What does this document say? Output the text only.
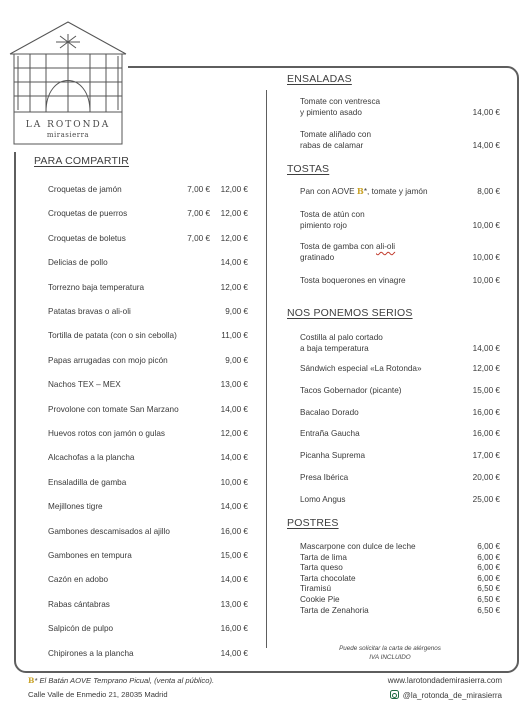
LA ROTONDA
mirasierra
PARA COMPARTIR
Croquetas de jamón	7,00 € 12,00 €
Croquetas de puerros	7,00 € 12,00 €
Croquetas de boletus	7,00 € 12,00 €
Delicias de pollo	14,00 €
Torrezno baja temperatura	12,00 €
Patatas bravas o ali-oli	9,00 €
Tortilla de patata (con o sin cebolla)	11,00 €
Papas arrugadas con mojo picón	9,00 €
Nachos TEX – MEX	13,00 €
Provolone con tomate San Marzano	14,00 €
Huevos rotos con jamón o gulas	12,00 €
Alcachofas a la plancha	14,00 €
Ensaladilla de gamba	10,00 €
Mejillones tigre	14,00 €
Gambones descamisados al ajillo	16,00 €
Gambones en tempura	15,00 €
Cazón en adobo	14,00 €
Rabas cántabras	13,00 €
Salpicón de pulpo	16,00 €
Chipirones a la plancha	14,00 €
ENSALADAS
Tomate con ventresca
y pimiento asado	14,00 €
Tomate aliñado con
rabas de calamar	14,00 €
TOSTAS
Pan con AOVE B*, tomate y jamón	8,00 €
Tosta de atún con
pimiento rojo	10,00 €
Tosta de gamba con ali-oli
gratinado	10,00 €
Tosta boquerones en vinagre	10,00 €
NOS PONEMOS SERIOS
Costilla al palo cortado
a baja temperatura	14,00 €
Sándwich especial «La Rotonda»	12,00 €
Tacos Gobernador (picante)	15,00 €
Bacalao Dorado	16,00 €
Entraña Gaucha	16,00 €
Picanha Suprema	17,00 €
Presa Ibérica	20,00 €
Lomo Angus	25,00 €
POSTRES
Mascarpone con dulce de leche	6,00 €
Tarta de lima	6,00 €
Tarta queso	6,00 €
Tarta chocolate	6,00 €
Tiramisú	6,50 €
Cookie Pie	6,50 €
Tarta de Zenahoria	6,50 €
Puede solicitar la carta de alérgenos
IVA INCLUIDO
B* El Batán AOVE Temprano Picual, (venta al público).
Calle Valle de Enmedio 21, 28035 Madrid
www.larotondademirasierra.com
@la_rotonda_de_mirasierra
